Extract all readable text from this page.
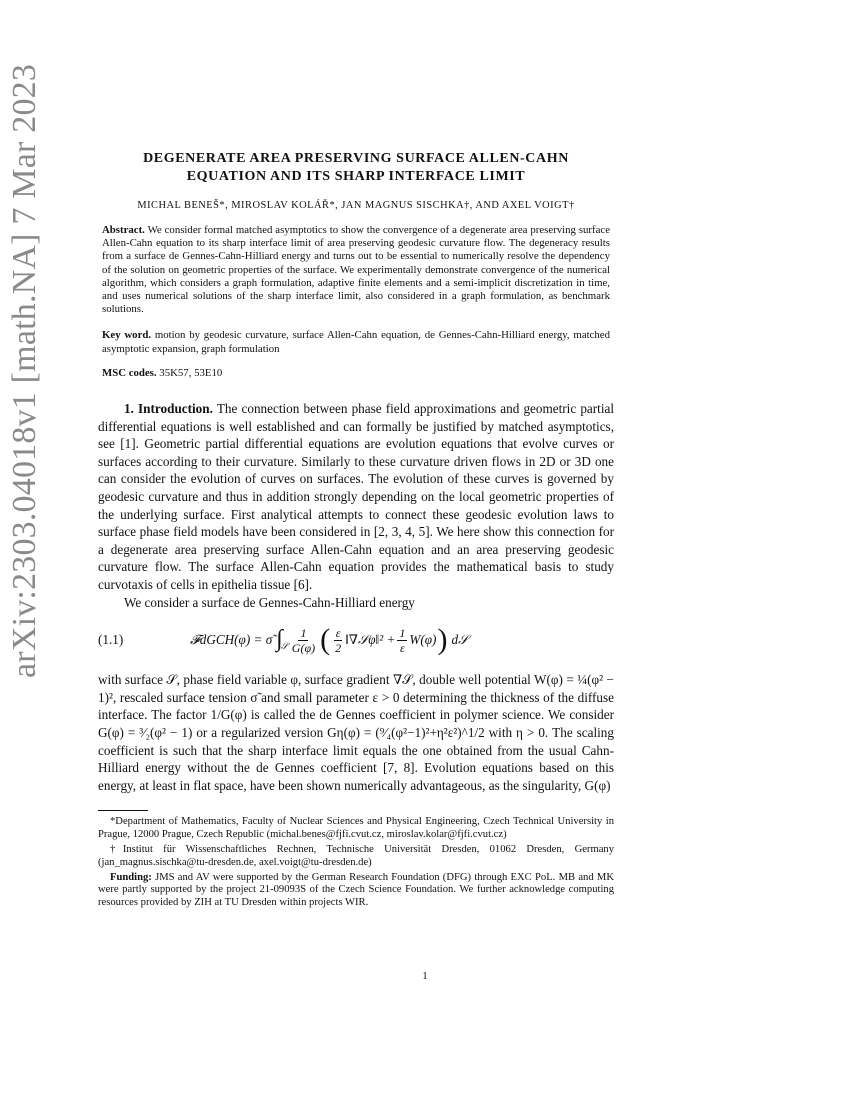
arXiv:2303.04018v1 [math.NA] 7 Mar 2023	DEGENERATE AREA PRESERVING SURFACE ALLEN-CAHN
EQUATION AND ITS SHARP INTERFACE LIMIT
MICHAL BENEŠ*, MIROSLAV KOLÁŘ*, JAN MAGNUS SISCHKA†, AND AXEL VOIGT†
Abstract. We consider formal matched asymptotics to show the convergence of a degenerate area preserving surface Allen-Cahn equation to its sharp interface limit of area preserving geodesic curvature flow. The degeneracy results from a surface de Gennes-Cahn-Hilliard energy and turns out to be essential to numerically resolve the dependency of the solution on geometric properties of the surface. We experimentally demonstrate convergence of the numerical algorithm, which considers a graph formulation, adaptive finite elements and a semi-implicit discretization in time, and uses numerical solutions of the sharp interface limit, also considered in a graph formulation, as benchmark solutions.
Key word. motion by geodesic curvature, surface Allen-Cahn equation, de Gennes-Cahn-Hilliard energy, matched asymptotic expansion, graph formulation
MSC codes. 35K57, 53E10

1. Introduction. The connection between phase field approximations and geometric partial differential equations is well established and can formally be justified by matched asymptotics, see [1]. Geometric partial differential equations are evolution equations that evolve curves or surfaces according to their curvature. Similarly to these curvature driven flows in 2D or 3D one can consider the evolution of curves on surfaces. The evolution of these curves is governed by geodesic curvature and thus in addition strongly depending on the local geometric properties of the underlying surface. First analytical attempts to connect these geodesic evolution laws to surface phase field models have been considered in [2, 3, 4, 5]. We here show this connection for a degenerate area preserving surface Allen-Cahn equation and an area preserving geodesic curvature flow. The surface Allen-Cahn equation provides the mathematical basis to study curvotaxis of cells in epithelia tissue [6].

We consider a surface de Gennes-Cahn-Hilliard energy

(1.1)	𝓕dGCH(φ) = σ̃ ∫
𝒮 $\frac{1}{G(\varphi)}$ ( $\frac{\varepsilon}{2}$ ‖∇𝒮φ‖² + $\frac{1}{\varepsilon} W(\varphi)$ ) d𝒮

with surface 𝒮, phase field variable φ, surface gradient ∇𝒮, double well potential W(φ) = ¼(φ² − 1)², rescaled surface tension σ̃ and small parameter ε > 0 determining the thickness of the diffuse interface. The factor 1/G(φ) is called the de Gennes coefficient in polymer science. We consider G(φ) = ³⁄₂(φ² − 1) or a regularized version Gη(φ) = (⁹⁄₄(φ²−1)²+η²ε²)^1/2 with η > 0. The scaling coefficient is such that the sharp interface limit equals the one obtained from the usual Cahn-Hilliard energy without the de Gennes coefficient [7, 8]. Evolution equations based on this energy, at least in flat space, have been shown numerically advantageous, as the singularity, G(φ)

*Department of Mathematics, Faculty of Nuclear Sciences and Physical Engineering, Czech Technical University in Prague, 12000 Prague, Czech Republic (michal.benes@fjfi.cvut.cz, miroslav.kolar@fjfi.cvut.cz)

†Institut für Wissenschaftliches Rechnen, Technische Universität Dresden, 01062 Dresden, Germany (jan_magnus.sischka@tu-dresden.de, axel.voigt@tu-dresden.de)

Funding: JMS and AV were supported by the German Research Foundation (DFG) through EXC PoL. MB and MK were partly supported by the project 21-09093S of the Czech Science Foundation. We further acknowledge computing resources provided by ZIH at TU Dresden within projects WIR.

1
